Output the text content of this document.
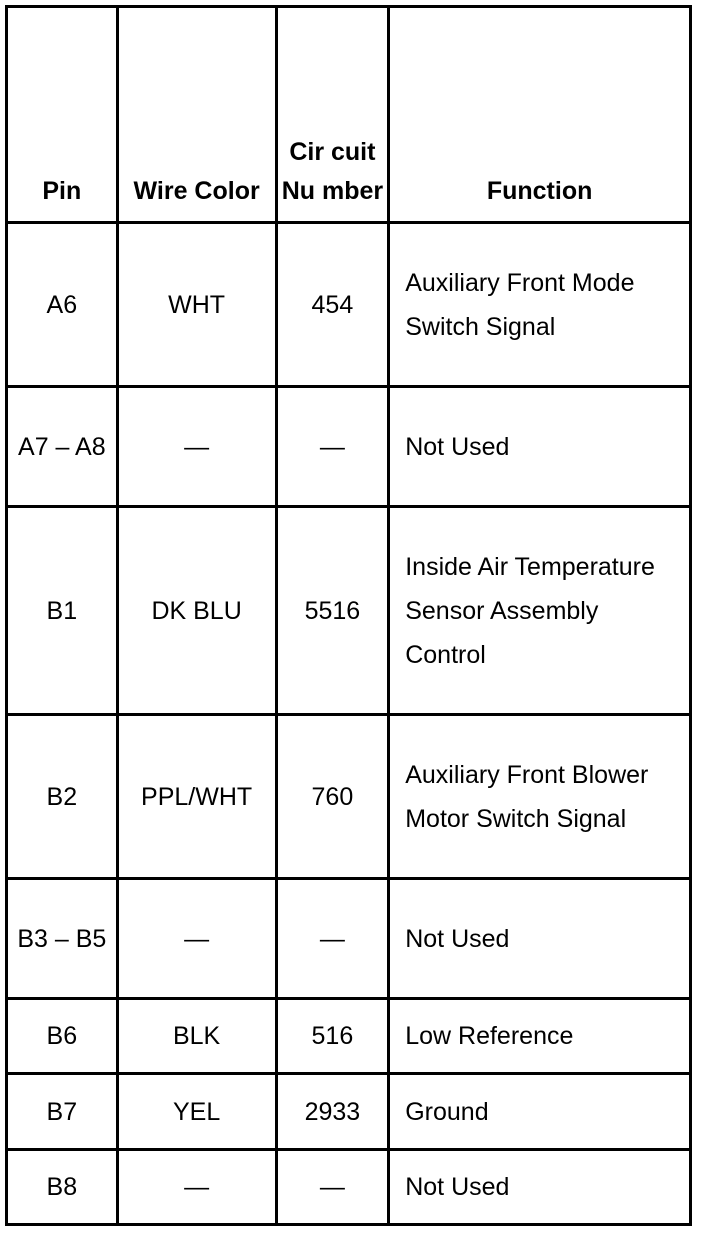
Pin	Wire Color	Cir cuit Nu mber	Function
A6	WHT	454	Auxiliary Front Mode Switch Signal
A7 – A8	—	—	Not Used
B1	DK BLU	5516	Inside Air Temperature Sensor Assembly Control
B2	PPL/WHT	760	Auxiliary Front Blower Motor Switch Signal
B3 – B5	—	—	Not Used
B6	BLK	516	Low Reference
B7	YEL	2933	Ground
B8	—	—	Not Used
